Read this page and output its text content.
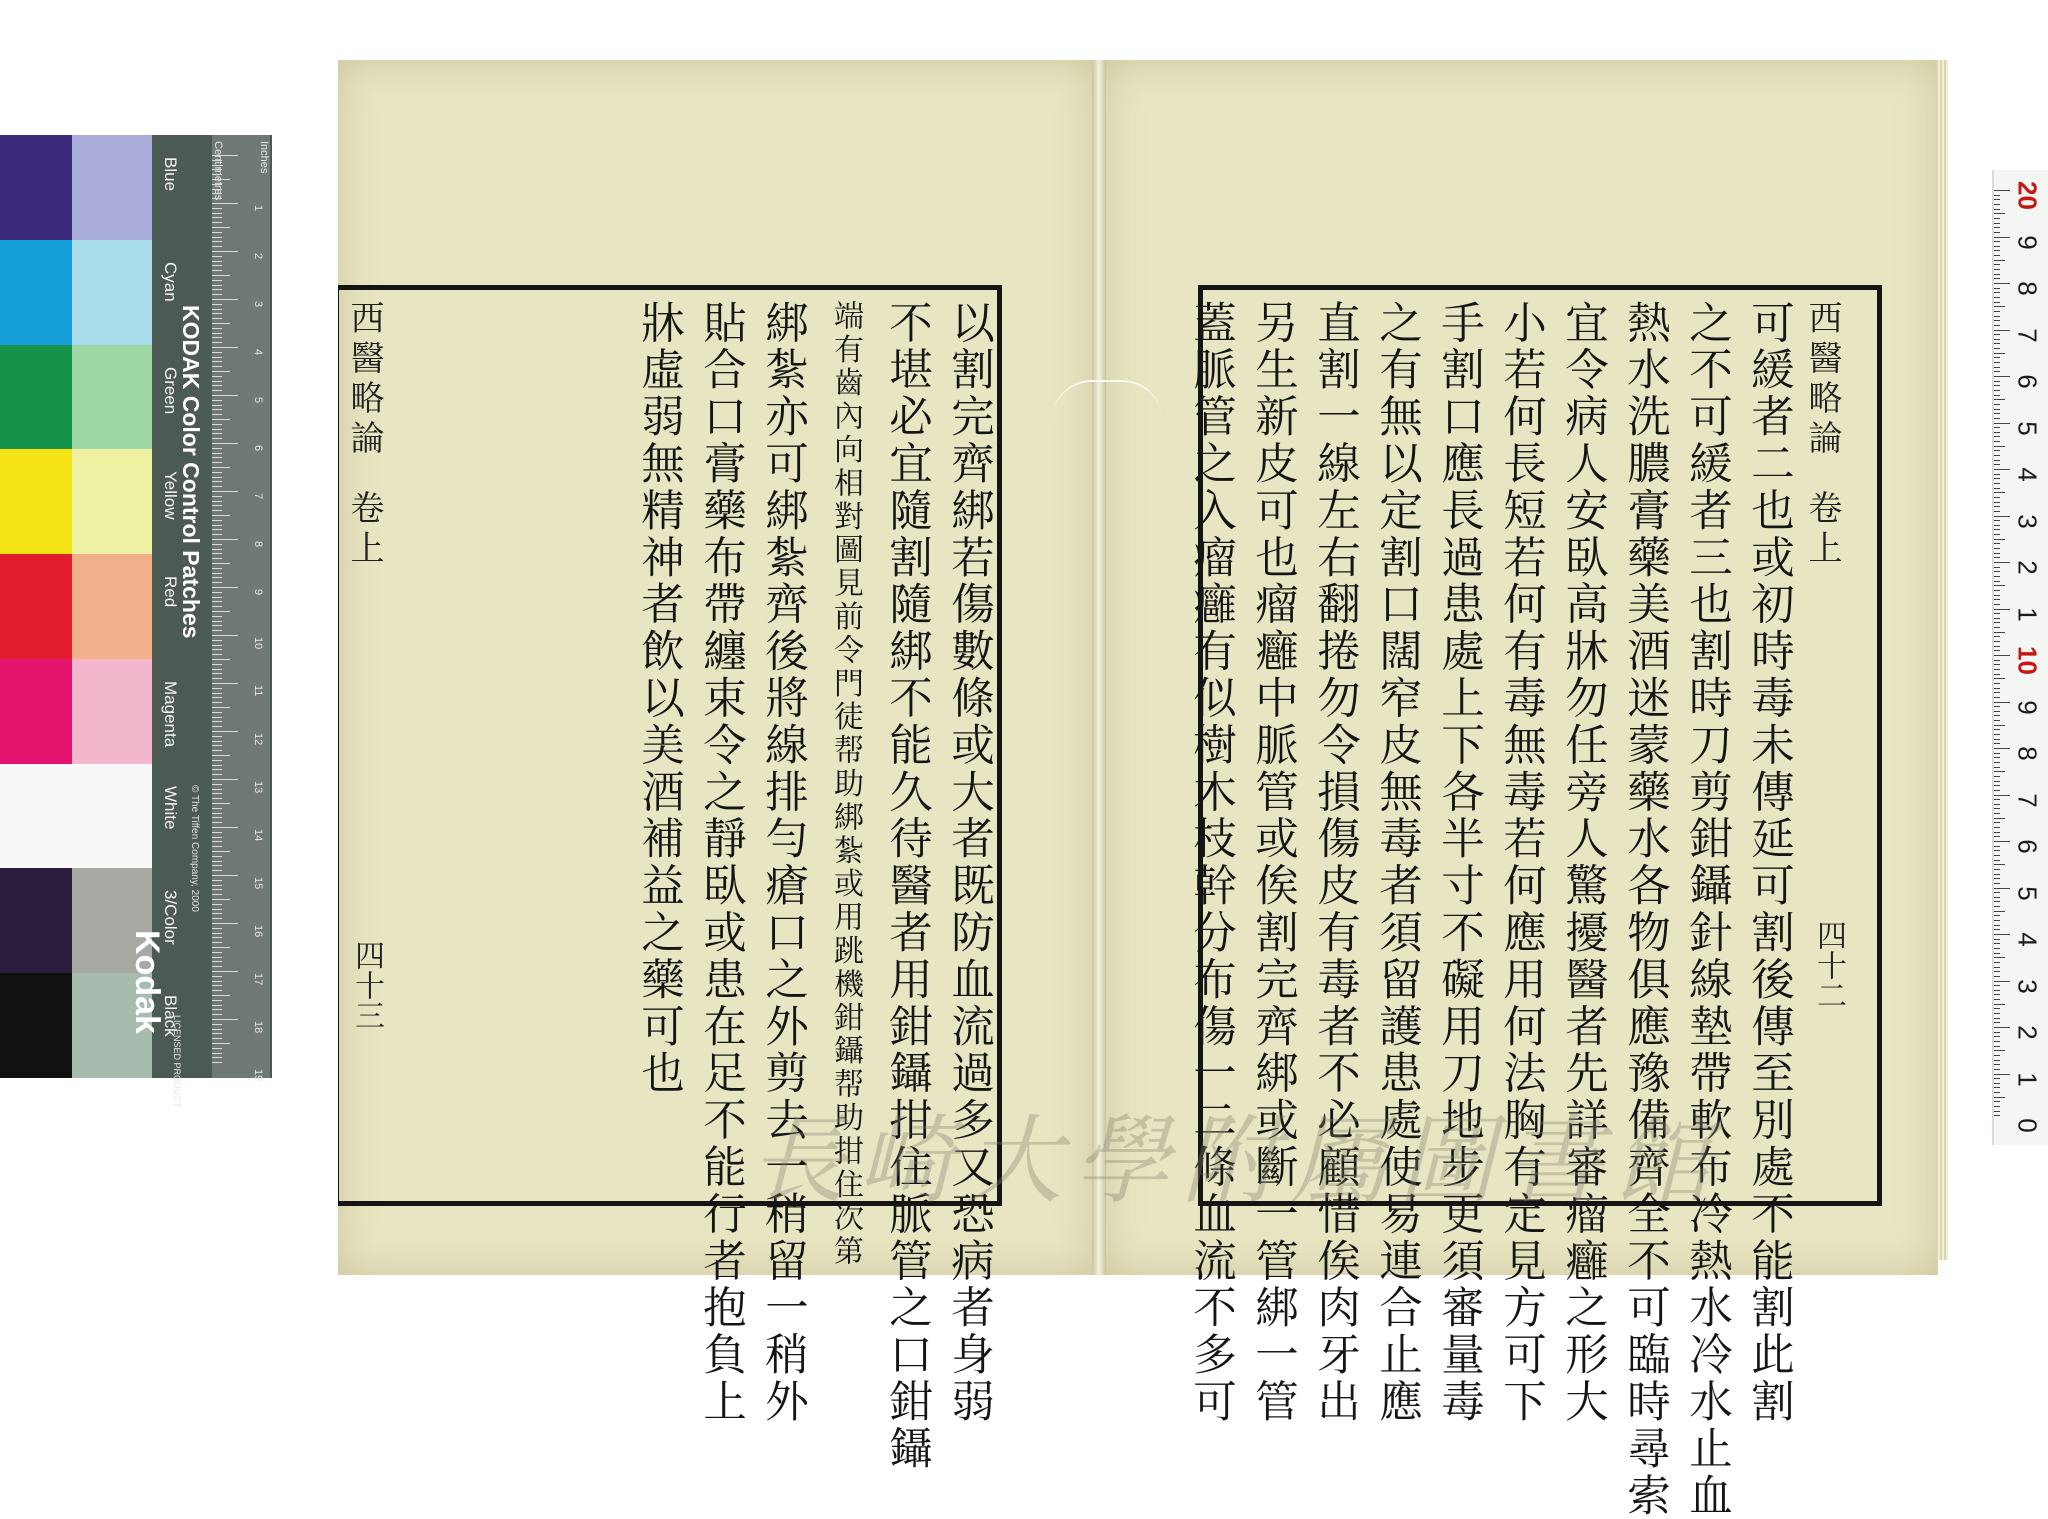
KODAK Color Control Patches
© The Tiffen Company, 2000
Kodak
LICENSED PRODUCT
Inches
Centimetres
Blue
Cyan
Green
Yellow
Red
Magenta
White
3/Color
Black
1
2
3
4
5
6
7
8
9
10
11
12
13
14
15
16
17
18
19
20
9
8
7
6
5
4
3
2
1
10
9
8
7
6
5
4
3
2
1
0
西醫略論
卷上
四十三
西醫略論
卷上
四十二
以割完齊綁若傷數條或大者既防血流過多又恐病者身弱
不堪必宜隨割隨綁不能久待醫者用鉗鑷拑住脈管之口鉗鑷
端有齒內向相對圖見前令門徒帮助綁紮或用跳機鉗鑷帮助拑住次第
綁紮亦可綁紮齊後將線排勻瘡口之外剪去一稍留一稍外
貼合口膏藥布帶纏束令之靜臥或患在足不能行者抱負上
牀虛弱無精神者飲以美酒補益之藥可也	可緩者二也或初時毒未傳延可割後傳至別處不能割此割
之不可緩者三也割時刀剪鉗鑷針線墊帶軟布冷熱水冷水止血
熱水洗膿膏藥美酒迷蒙藥水各物俱應豫備齊全不可臨時尋索
宜令病人安臥高牀勿任旁人驚擾醫者先詳審瘤癰之形大
小若何長短若何有毒無毒若何應用何法胸有定見方可下
手割口應長過患處上下各半寸不礙用刀地步更須審量毒
之有無以定割口闊窄皮無毒者須留護患處使易連合止應
直割一線左右翻捲勿令損傷皮有毒者不必顧惜俟肉牙出
另生新皮可也瘤癰中脈管或俟割完齊綁或斷一管綁一管
蓋脈管之入瘤癰有似樹木枝幹分布傷一二條血流不多可
長崎大學附屬圖書館
